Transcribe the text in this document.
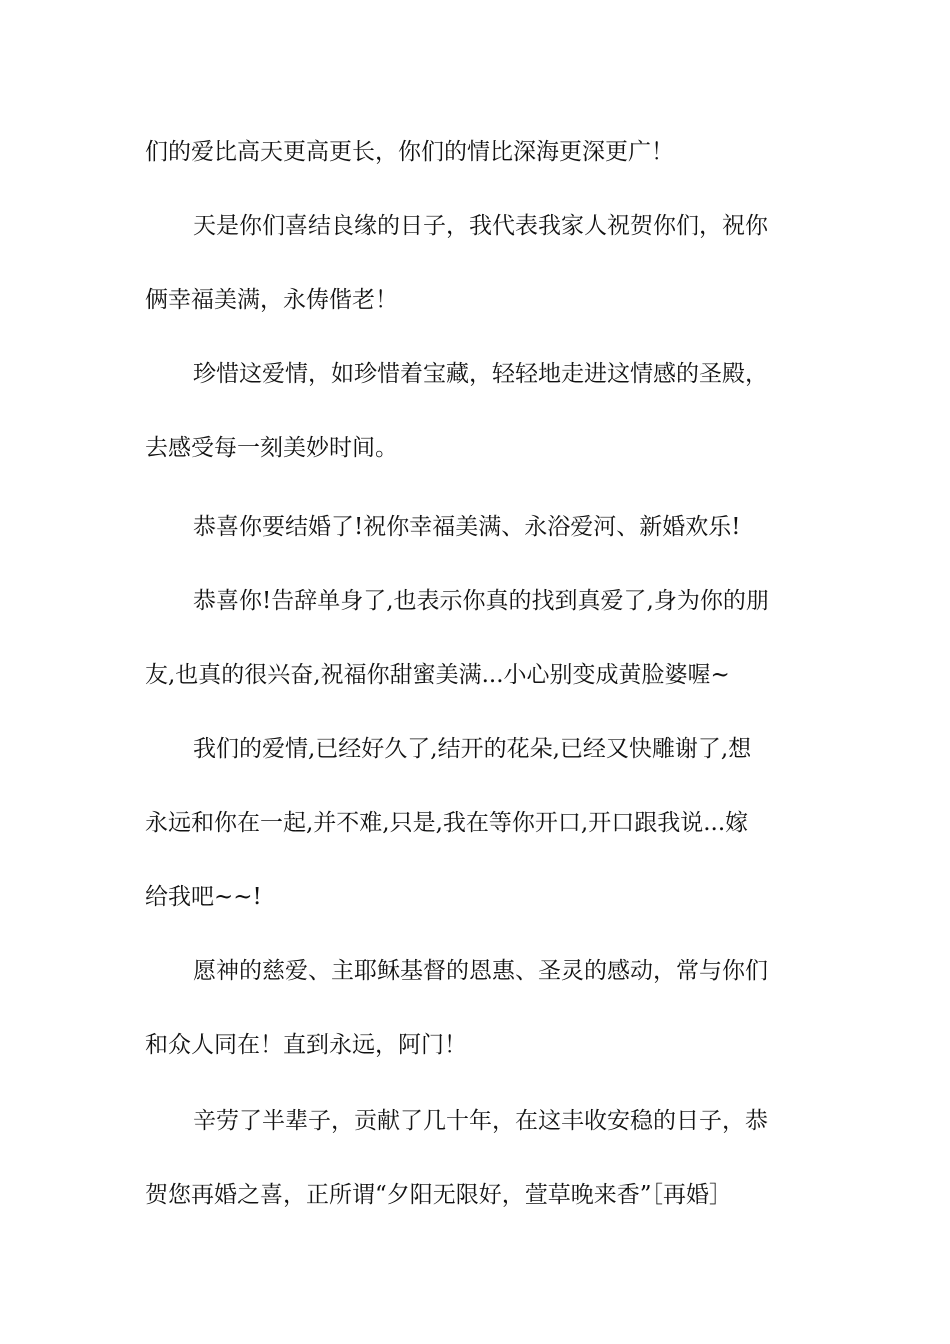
们的爱比高天更高更长，你们的情比深海更深更广！
天是你们喜结良缘的日子，我代表我家人祝贺你们，祝你
俩幸福美满，永俦偕老！
珍惜这爱情，如珍惜着宝藏，轻轻地走进这情感的圣殿，
去感受每一刻美妙时间。
恭喜你要结婚了!祝你幸福美满、永浴爱河、新婚欢乐!
恭喜你!告辞单身了,也表示你真的找到真爱了,身为你的朋
友,也真的很兴奋,祝福你甜蜜美满...小心别变成黄脸婆喔~
我们的爱情,已经好久了,结开的花朵,已经又快雕谢了,想
永远和你在一起,并不难,只是,我在等你开口,开口跟我说...嫁
给我吧~~!
愿神的慈爱、主耶稣基督的恩惠、圣灵的感动，常与你们
和众人同在！直到永远，阿门！
辛劳了半辈子，贡献了几十年，在这丰收安稳的日子，恭
贺您再婚之喜，正所谓“夕阳无限好，萱草晚来香”［再婚］
